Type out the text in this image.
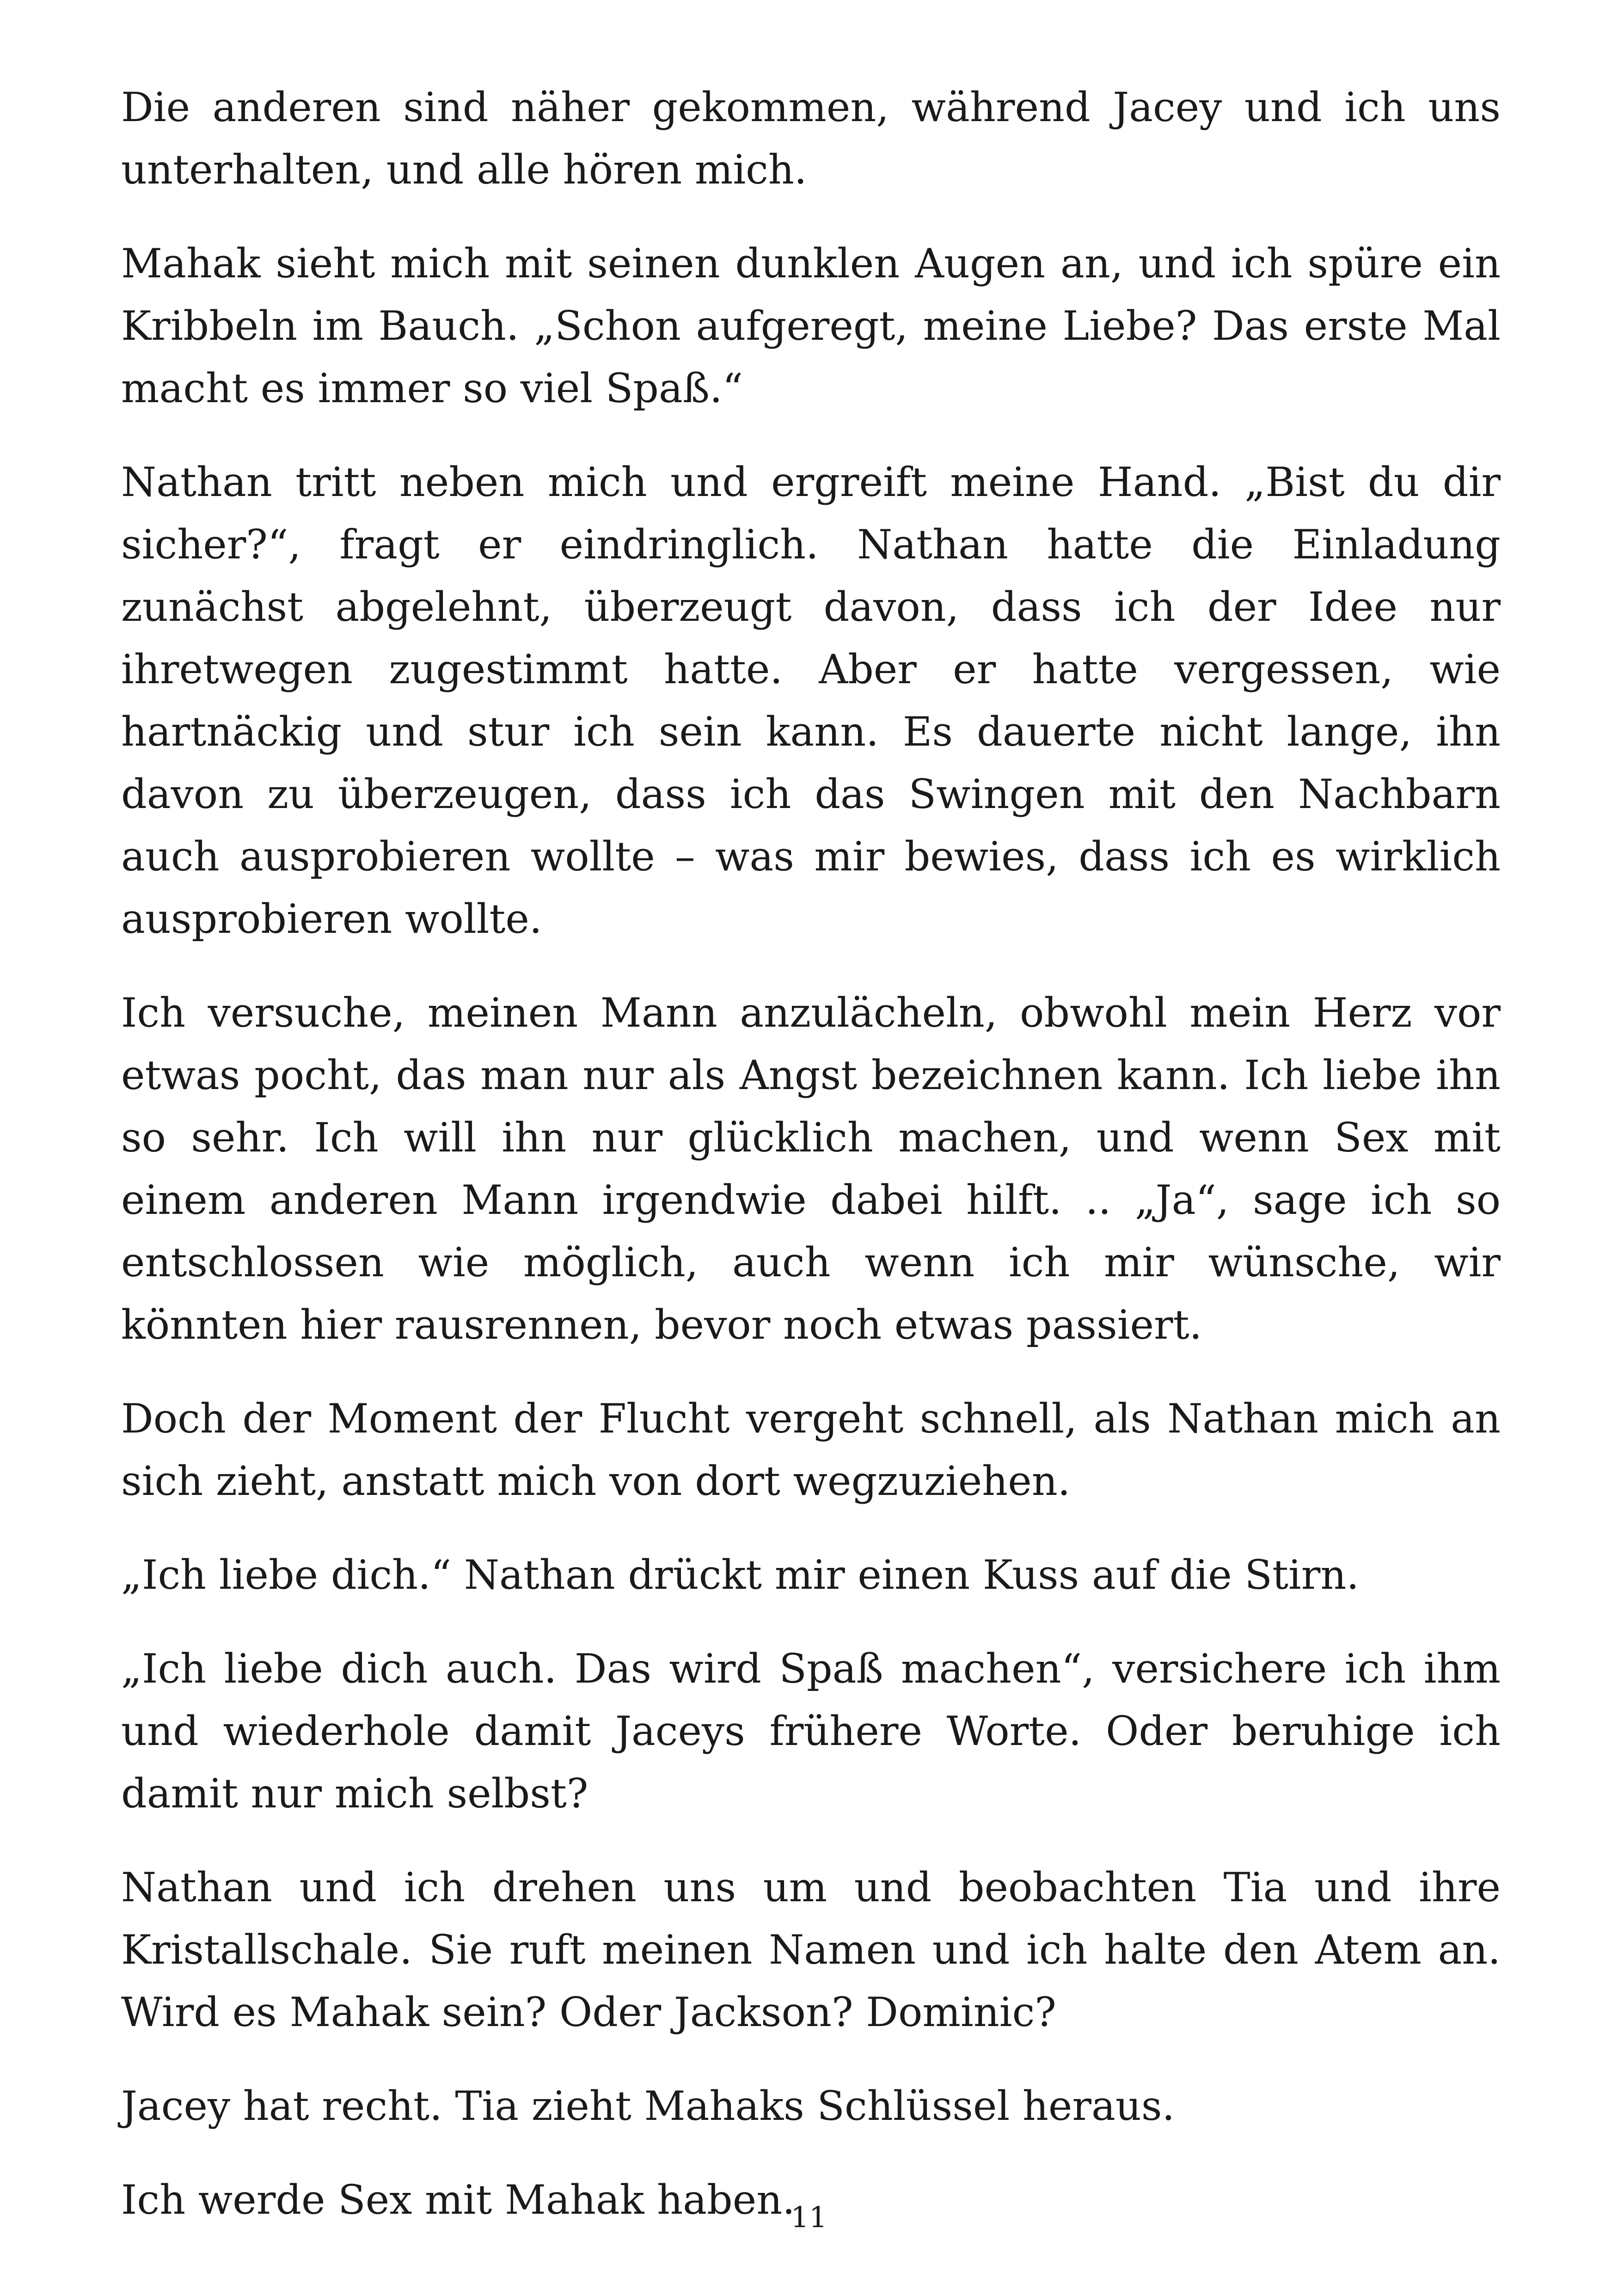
Die anderen sind näher gekommen, während Jacey und ich uns unterhalten, und alle hören mich.

Mahak sieht mich mit seinen dunklen Augen an, und ich spüre ein Kribbeln im Bauch. „Schon aufgeregt, meine Liebe? Das erste Mal macht es immer so viel Spaß.“

Nathan tritt neben mich und ergreift meine Hand. „Bist du dir sicher?“, fragt er eindringlich. Nathan hatte die Einladung zunächst abgelehnt, überzeugt davon, dass ich der Idee nur ihretwegen zugestimmt hatte. Aber er hatte vergessen, wie hartnäckig und stur ich sein kann. Es dauerte nicht lange, ihn davon zu überzeugen, dass ich das Swingen mit den Nachbarn auch ausprobieren wollte – was mir bewies, dass ich es wirklich ausprobieren wollte.

Ich versuche, meinen Mann anzulächeln, obwohl mein Herz vor etwas pocht, das man nur als Angst bezeichnen kann. Ich liebe ihn so sehr. Ich will ihn nur glücklich machen, und wenn Sex mit einem anderen Mann irgendwie dabei hilft. .. „Ja“, sage ich so entschlossen wie möglich, auch wenn ich mir wünsche, wir könnten hier rausrennen, bevor noch etwas passiert.

Doch der Moment der Flucht vergeht schnell, als Nathan mich an sich zieht, anstatt mich von dort wegzuziehen.

„Ich liebe dich.“ Nathan drückt mir einen Kuss auf die Stirn.

„Ich liebe dich auch. Das wird Spaß machen“, versichere ich ihm und wiederhole damit Jaceys frühere Worte. Oder beruhige ich damit nur mich selbst?

Nathan und ich drehen uns um und beobachten Tia und ihre Kristallschale. Sie ruft meinen Namen und ich halte den Atem an. Wird es Mahak sein? Oder Jackson? Dominic?

Jacey hat recht. Tia zieht Mahaks Schlüssel heraus.

Ich werde Sex mit Mahak haben.

11
